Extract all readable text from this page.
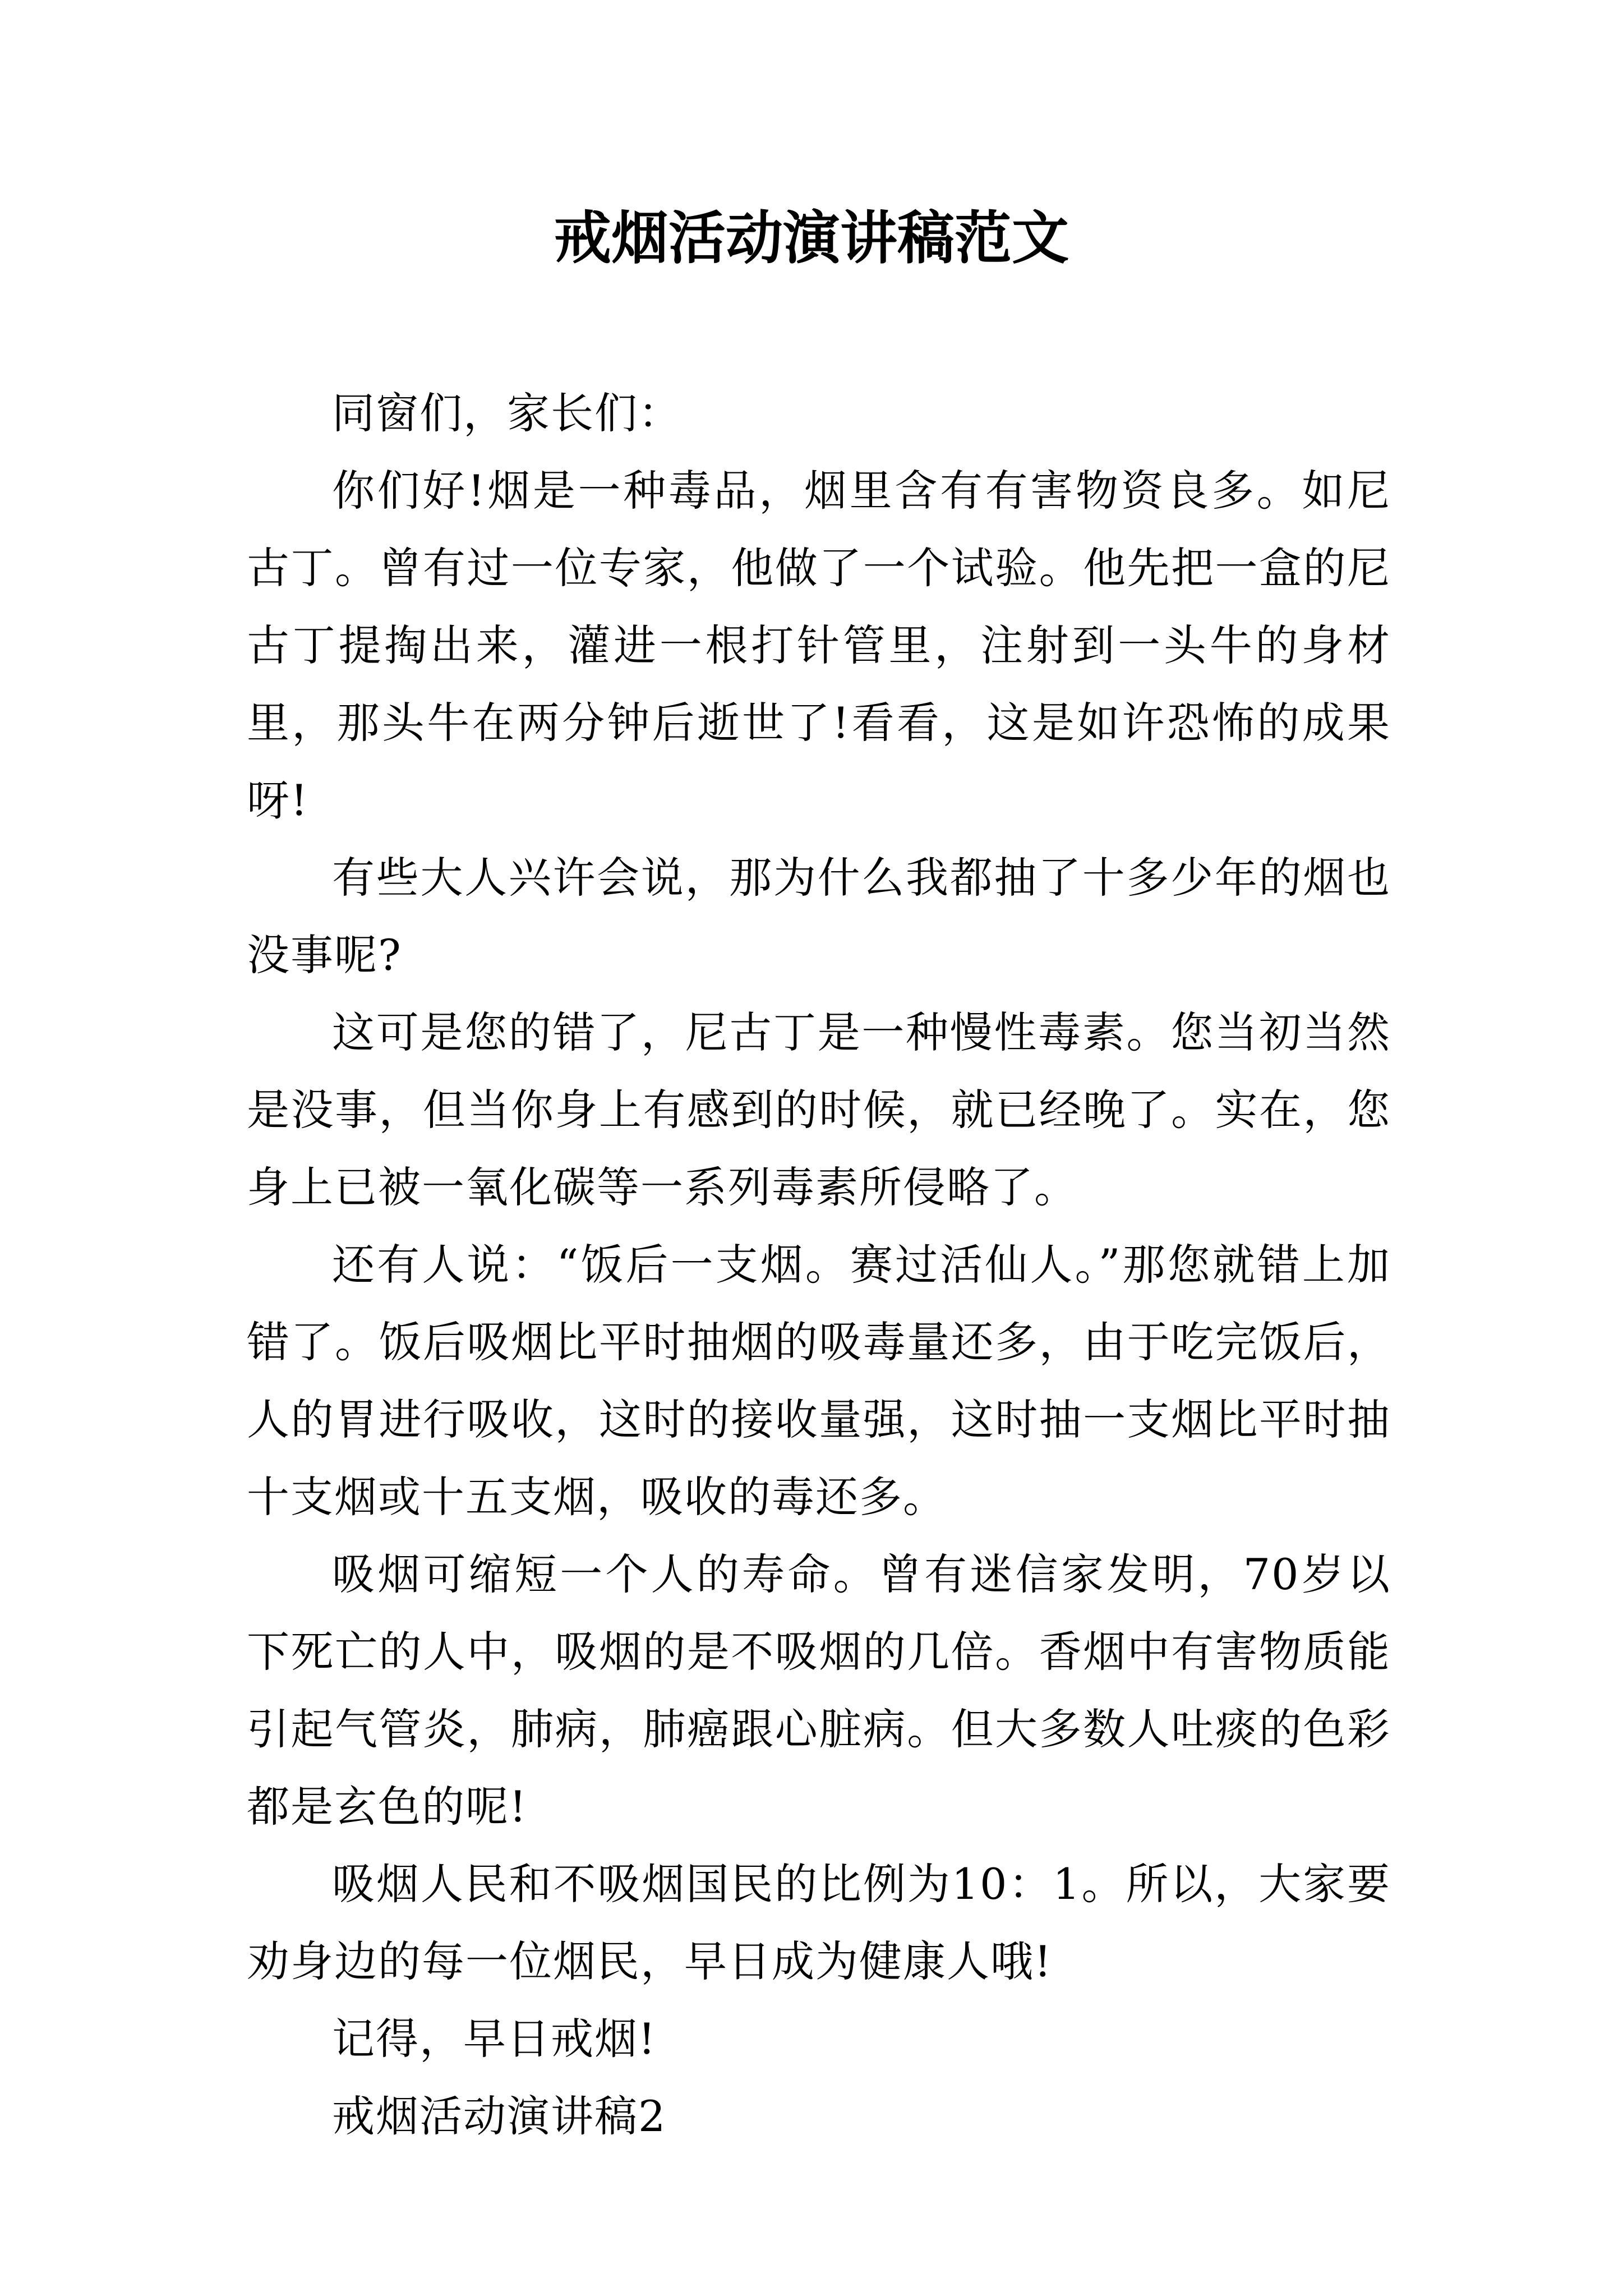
戒烟活动演讲稿范文

同窗们，家长们：

你们好!烟是一种毒品，烟里含有有害物资良多。如尼古丁。曾有过一位专家，他做了一个试验。他先把一盒的尼古丁提掏出来，灌进一根打针管里，注射到一头牛的身材里，那头牛在两分钟后逝世了!看看，这是如许恐怖的成果呀!

有些大人兴许会说，那为什么我都抽了十多少年的烟也没事呢?

这可是您的错了，尼古丁是一种慢性毒素。您当初当然是没事，但当你身上有感到的时候，就已经晚了。实在，您身上已被一氧化碳等一系列毒素所侵略了。

还有人说：“饭后一支烟。赛过活仙人。”那您就错上加错了。饭后吸烟比平时抽烟的吸毒量还多，由于吃完饭后，人的胃进行吸收，这时的接收量强，这时抽一支烟比平时抽十支烟或十五支烟，吸收的毒还多。

吸烟可缩短一个人的寿命。曾有迷信家发明，70岁以下死亡的人中，吸烟的是不吸烟的几倍。香烟中有害物质能引起气管炎，肺病，肺癌跟心脏病。但大多数人吐痰的色彩都是玄色的呢!

吸烟人民和不吸烟国民的比例为10：1。所以，大家要劝身边的每一位烟民，早日成为健康人哦!

记得，早日戒烟!

戒烟活动演讲稿2
